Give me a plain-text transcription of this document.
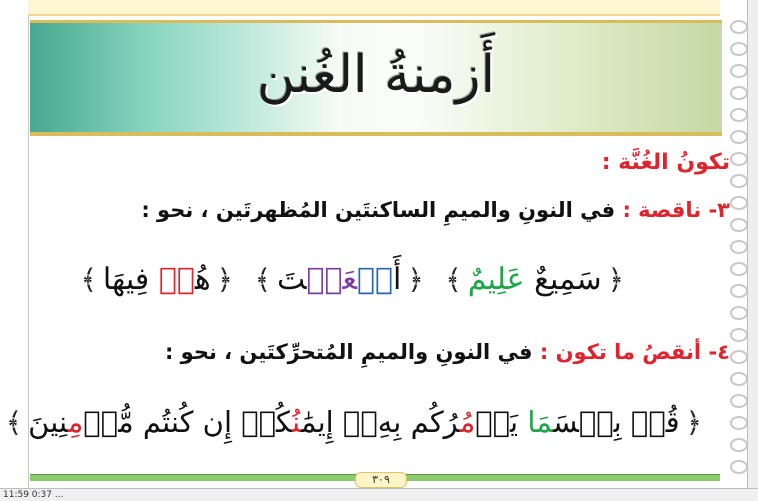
أَزمنةُ الغُنن
تكونُ الغُنَّة :
٣- ناقصة : في النونِ والميمِ الساكنتَين المُظهرتَين ، نحو :
﴿سَمِيعٌ عَلِيمٌ﴾ ﴿أَنۡعَمۡتَ﴾ ﴿هُمۡ فِيهَا﴾
٤- أنقصُ ما تكون : في النونِ والميمِ المُتحرِّكتَين ، نحو :
﴿قُلۡ بِئۡسَمَا يَأۡمُرُكُم بِهِۦٓ إِيمَٰنُكُمۡ إِن كُنتُم مُّؤۡمِنِينَ﴾
٣٠٩
11:59 0:37 ...
